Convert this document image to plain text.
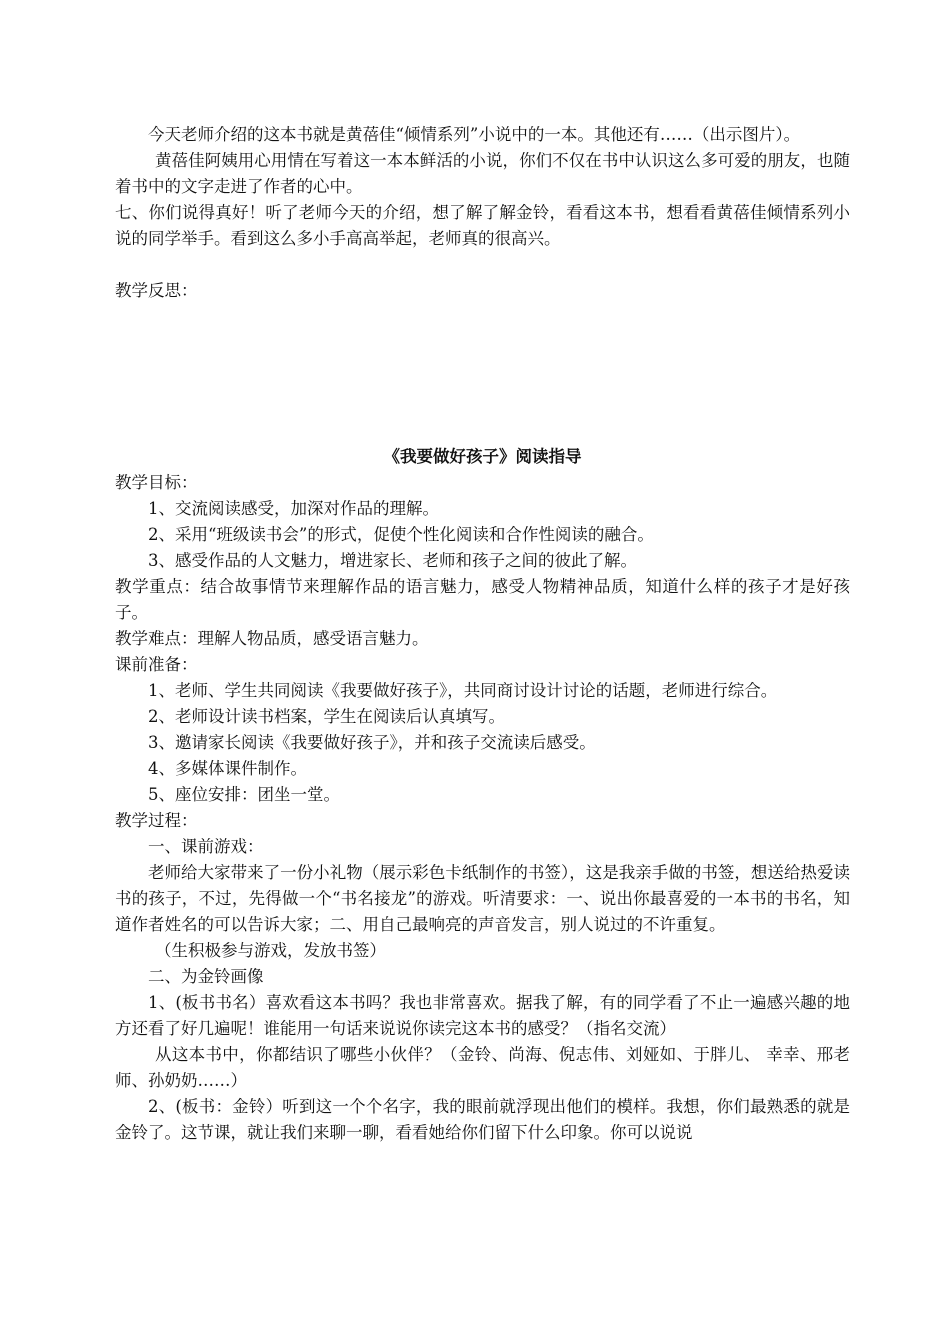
今天老师介绍的这本书就是黄蓓佳“倾情系列”小说中的一本。其他还有……（出示图片）。

黄蓓佳阿姨用心用情在写着这一本本鲜活的小说，你们不仅在书中认识这么多可爱的朋友，也随着书中的文字走进了作者的心中。

七、你们说得真好！听了老师今天的介绍，想了解了解金铃，看看这本书，想看看黄蓓佳倾情系列小说的同学举手。看到这么多小手高高举起，老师真的很高兴。

教学反思：

《我要做好孩子》阅读指导

教学目标：

1、交流阅读感受，加深对作品的理解。

2、采用“班级读书会”的形式，促使个性化阅读和合作性阅读的融合。

3、感受作品的人文魅力，增进家长、老师和孩子之间的彼此了解。

教学重点：结合故事情节来理解作品的语言魅力，感受人物精神品质，知道什么样的孩子才是好孩子。

教学难点：理解人物品质，感受语言魅力。

课前准备：

1、老师、学生共同阅读《我要做好孩子》，共同商讨设计讨论的话题，老师进行综合。

2、老师设计读书档案，学生在阅读后认真填写。

3、邀请家长阅读《我要做好孩子》，并和孩子交流读后感受。

4、多媒体课件制作。

5、座位安排：团坐一堂。

教学过程：

一、课前游戏：

老师给大家带来了一份小礼物（展示彩色卡纸制作的书签），这是我亲手做的书签，想送给热爱读书的孩子，不过，先得做一个“书名接龙”的游戏。听清要求：一、说出你最喜爱的一本书的书名，知道作者姓名的可以告诉大家；二、用自己最响亮的声音发言，别人说过的不许重复。

（生积极参与游戏，发放书签）

二、为金铃画像

1、(板书书名）喜欢看这本书吗？我也非常喜欢。据我了解，有的同学看了不止一遍感兴趣的地方还看了好几遍呢！谁能用一句话来说说你读完这本书的感受？（指名交流）

从这本书中，你都结识了哪些小伙伴？（金铃、尚海、倪志伟、刘娅如、于胖儿、 幸幸、邢老师、孙奶奶……）

2、(板书：金铃）听到这一个个名字，我的眼前就浮现出他们的模样。我想，你们最熟悉的就是金铃了。这节课，就让我们来聊一聊，看看她给你们留下什么印象。你可以说说
